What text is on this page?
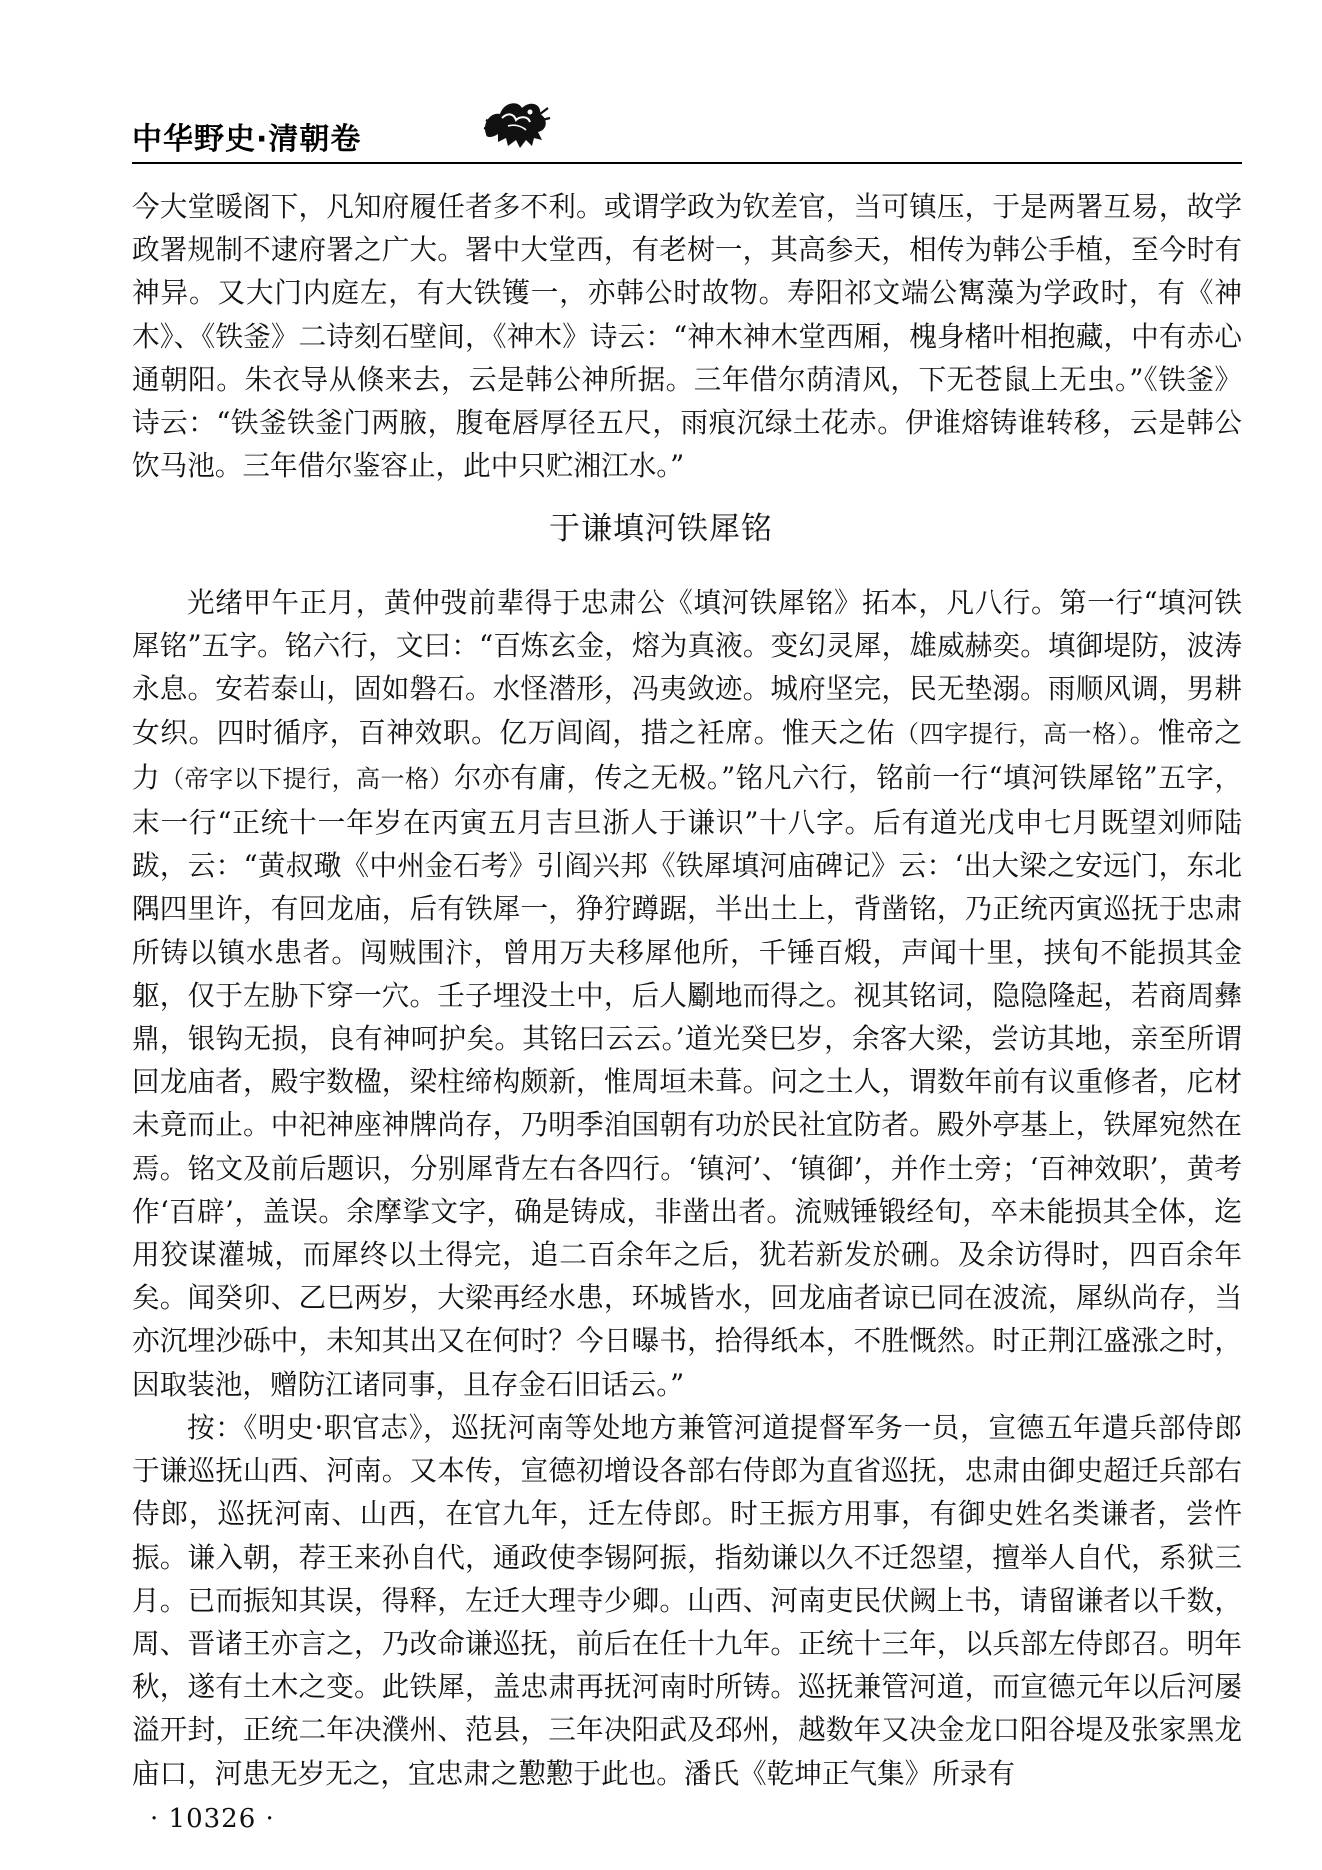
中华野史·清朝卷

今大堂暖阁下，凡知府履任者多不利。或谓学政为钦差官，当可镇压，于是两署互易，故学政署规制不逮府署之广大。署中大堂西，有老树一，其高参天，相传为韩公手植，至今时有神异。又大门内庭左，有大铁镬一，亦韩公时故物。寿阳祁文端公寯藻为学政时，有《神木》、《铁釜》二诗刻石壁间，《神木》诗云：“神木神木堂西厢，槐身楮叶相抱藏，中有赤心通朝阳。朱衣导从倏来去，云是韩公神所据。三年借尔荫清风，下无苍鼠上无虫。”《铁釜》诗云：“铁釜铁釜门两腋，腹奄唇厚径五尺，雨痕沉绿土花赤。伊谁熔铸谁转移，云是韩公饮马池。三年借尔鉴容止，此中只贮湘江水。”

于谦填河铁犀铭

光绪甲午正月，黄仲弢前辈得于忠肃公《填河铁犀铭》拓本，凡八行。第一行“填河铁犀铭”五字。铭六行，文曰：“百炼玄金，熔为真液。变幻灵犀，雄威赫奕。填御堤防，波涛永息。安若泰山，固如磐石。水怪潜形，冯夷敛迹。城府坚完，民无垫溺。雨顺风调，男耕女织。四时循序，百神效职。亿万闾阎，措之衽席。惟天之佑（四字提行，高一格）。惟帝之力（帝字以下提行，高一格）尔亦有庸，传之无极。”铭凡六行，铭前一行“填河铁犀铭”五字，末一行“正统十一年岁在丙寅五月吉旦浙人于谦识”十八字。后有道光戊申七月既望刘师陆跋，云：“黄叔璥《中州金石考》引阎兴邦《铁犀填河庙碑记》云：‘出大梁之安远门，东北隅四里许，有回龙庙，后有铁犀一，狰狞蹲踞，半出土上，背凿铭，乃正统丙寅巡抚于忠肃所铸以镇水患者。闯贼围汴，曾用万夫移犀他所，千锤百煅，声闻十里，挟旬不能损其金躯，仅于左胁下穿一穴。壬子埋没土中，后人劚地而得之。视其铭词，隐隐隆起，若商周彝鼎，银钩无损，良有神呵护矣。其铭曰云云。’道光癸巳岁，余客大梁，尝访其地，亲至所谓回龙庙者，殿宇数楹，梁柱缔构颇新，惟周垣未葺。问之土人，谓数年前有议重修者，庀材未竟而止。中祀神座神牌尚存，乃明季洎国朝有功於民社宜防者。殿外亭基上，铁犀宛然在焉。铭文及前后题识，分别犀背左右各四行。‘镇河’、‘镇御’，并作土旁；‘百神效职’，黄考作‘百辟’，盖误。余摩挲文字，确是铸成，非凿出者。流贼锤锻经旬，卒未能损其全体，迄用狡谋灌城，而犀终以土得完，追二百余年之后，犹若新发於硎。及余访得时，四百余年矣。闻癸卯、乙巳两岁，大梁再经水患，环城皆水，回龙庙者谅已同在波流，犀纵尚存，当亦沉埋沙砾中，未知其出又在何时？今日曝书，拾得纸本，不胜慨然。时正荆江盛涨之时，因取装池，赠防江诸同事，且存金石旧话云。”

按：《明史·职官志》，巡抚河南等处地方兼管河道提督军务一员，宣德五年遣兵部侍郎于谦巡抚山西、河南。又本传，宣德初增设各部右侍郎为直省巡抚，忠肃由御史超迁兵部右侍郎，巡抚河南、山西，在官九年，迁左侍郎。时王振方用事，有御史姓名类谦者，尝忤振。谦入朝，荐王来孙自代，通政使李锡阿振，指劾谦以久不迁怨望，擅举人自代，系狱三月。已而振知其误，得释，左迁大理寺少卿。山西、河南吏民伏阙上书，请留谦者以千数，周、晋诸王亦言之，乃改命谦巡抚，前后在任十九年。正统十三年，以兵部左侍郎召。明年秋，遂有土木之变。此铁犀，盖忠肃再抚河南时所铸。巡抚兼管河道，而宣德元年以后河屡溢开封，正统二年决濮州、范县，三年决阳武及邳州，越数年又决金龙口阳谷堤及张家黑龙庙口，河患无岁无之，宜忠肃之懃懃于此也。潘氏《乾坤正气集》所录有

· 10326 ·
